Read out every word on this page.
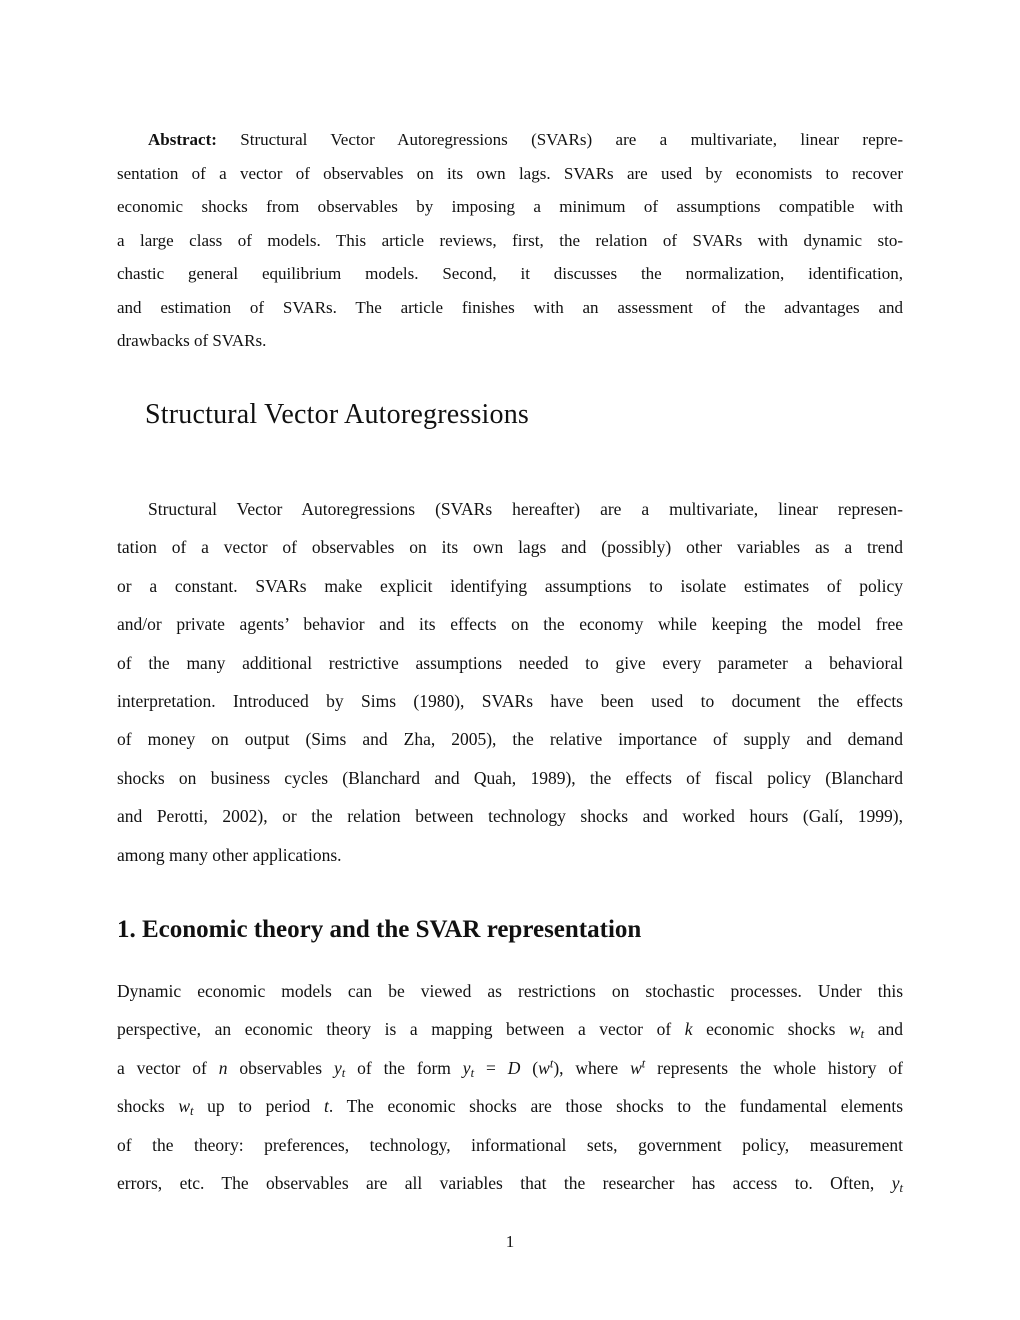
Abstract: Structural Vector Autoregressions (SVARs) are a multivariate, linear repre-
sentation of a vector of observables on its own lags. SVARs are used by economists to recover
economic shocks from observables by imposing a minimum of assumptions compatible with
a large class of models. This article reviews, first, the relation of SVARs with dynamic sto-
chastic general equilibrium models. Second, it discusses the normalization, identification,
and estimation of SVARs. The article finishes with an assessment of the advantages and
drawbacks of SVARs.
Structural Vector Autoregressions
Structural Vector Autoregressions (SVARs hereafter) are a multivariate, linear represen-
tation of a vector of observables on its own lags and (possibly) other variables as a trend
or a constant. SVARs make explicit identifying assumptions to isolate estimates of policy
and/or private agents’ behavior and its effects on the economy while keeping the model free
of the many additional restrictive assumptions needed to give every parameter a behavioral
interpretation. Introduced by Sims (1980), SVARs have been used to document the effects
of money on output (Sims and Zha, 2005), the relative importance of supply and demand
shocks on business cycles (Blanchard and Quah, 1989), the effects of fiscal policy (Blanchard
and Perotti, 2002), or the relation between technology shocks and worked hours (Galí, 1999),
among many other applications.
1. Economic theory and the SVAR representation
Dynamic economic models can be viewed as restrictions on stochastic processes. Under this
perspective, an economic theory is a mapping between a vector of k economic shocks $w_t$ and
a vector of n observables $y_t$ of the form $y_t = D$ $(w^t)$, where $w^t$ represents the whole history of
shocks $w_t$ up to period t. The economic shocks are those shocks to the fundamental elements
of the theory: preferences, technology, informational sets, government policy, measurement
errors, etc. The observables are all variables that the researcher has access to. Often, $y_t$
1
